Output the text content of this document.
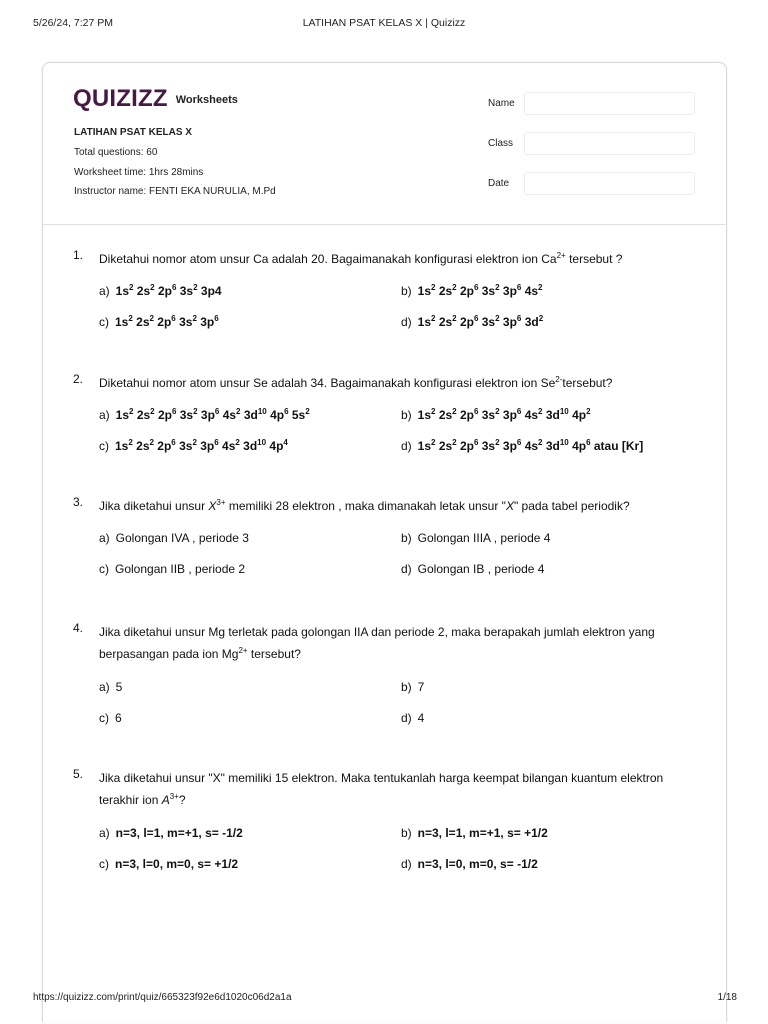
5/26/24, 7:27 PM	LATIHAN PSAT KELAS X | Quizizz
QUIZIZZ Worksheets
LATIHAN PSAT KELAS X
Total questions: 60
Worksheet time: 1hrs 28mins
Instructor name: FENTI EKA NURULIA, M.Pd
Name
Class
Date
1. Diketahui nomor atom unsur Ca adalah 20. Bagaimanakah konfigurasi elektron ion $Ca^{2+}$ tersebut ?
a) $1s^2$ $2s^2$ $2p^6$ $3s^2$ 3p4	b) $1s^2$ $2s^2$ $2p^6$ $3s^2$ $3p^6$ $4s^2$
c) $1s^2$ $2s^2$ $2p^6$ $3s^2$ $3p^6$	d) $1s^2$ $2s^2$ $2p^6$ $3s^2$ $3p^6$ $3d^2$
2. Diketahui nomor atom unsur Se adalah 34. Bagaimanakah konfigurasi elektron ion $Se^{2-}tersebut$?
a) $1s^2$ $2s^2$ $2p^6$ $3s^2$ $3p^6$ $4s^2$ $3d^{10}$ $4p^6$ $5s^2$	b) $1s^2$ $2s^2$ $2p^6$ $3s^2$ $3p^6$ $4s^2$ $3d^{10}$ $4p^2$
c) $1s^2$ $2s^2$ $2p^6$ $3s^2$ $3p^6$ $4s^2$ $3d^{10}$ $4p^4$	d) $1s^2$ $2s^2$ $2p^6$ $3s^2$ $3p^6$ $4s^2$ $3d^{10}$ $4p^6$ atau [Kr]
3. Jika diketahui unsur $X^{3+}$ memiliki 28 elektron , maka dimanakah letak unsur "X" pada tabel periodik?
a) Golongan IVA , periode 3	b) Golongan IIIA , periode 4
c) Golongan IIB , periode 2	d) Golongan IB , periode 4
4. Jika diketahui unsur Mg terletak pada golongan IIA dan periode 2, maka berapakah jumlah elektron yang berpasangan pada ion $Mg^{2+}$ tersebut?
a) 5	b) 7
c) 6	d) 4
5. Jika diketahui unsur "X" memiliki 15 elektron. Maka tentukanlah harga keempat bilangan kuantum elektron terakhir ion $A^{3+}$?
a) n=3, l=1, m=+1, s= -1/2	b) n=3, l=1, m=+1, s= +1/2
c) n=3, l=0, m=0, s= +1/2	d) n=3, l=0, m=0, s= -1/2
https://quizizz.com/print/quiz/665323f92e6d1020c06d2a1a	1/18
